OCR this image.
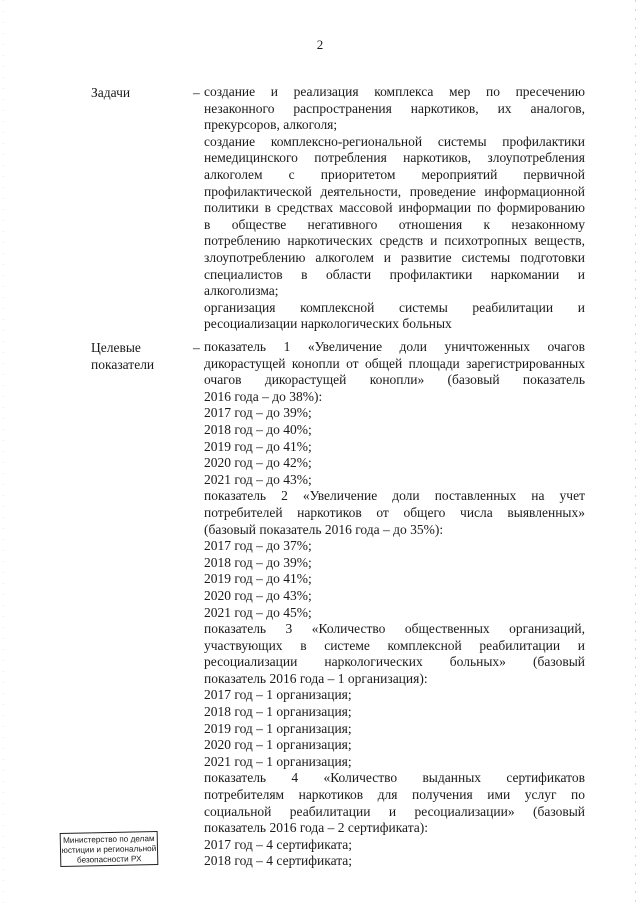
2
Задачи	– создание и реализация комплекса мер по пресечению
незаконного распространения наркотиков, их аналогов,
прекурсоров, алкоголя;
создание комплексно-региональной системы профилактики
немедицинского потребления наркотиков, злоупотребления
алкоголем с приоритетом мероприятий первичной
профилактической деятельности, проведение информационной
политики в средствах массовой информации по формированию
в обществе негативного отношения к незаконному
потреблению наркотических средств и психотропных веществ,
злоупотреблению алкоголем и развитие системы подготовки
специалистов в области профилактики наркомании и
алкоголизма;
организация комплексной системы реабилитации и
ресоциализации наркологических больных
Целевые
показатели
– показатель 1 «Увеличение доли уничтоженных очагов
дикорастущей конопли от общей площади зарегистрированных
очагов дикорастущей конопли» (базовый показатель
2016 года – до 38%):
2017 год – до 39%;
2018 год – до 40%;
2019 год – до 41%;
2020 год – до 42%;
2021 год – до 43%;
показатель 2 «Увеличение доли поставленных на учет
потребителей наркотиков от общего числа выявленных»
(базовый показатель 2016 года – до 35%):
2017 год – до 37%;
2018 год – до 39%;
2019 год – до 41%;
2020 год – до 43%;
2021 год – до 45%;
показатель 3 «Количество общественных организаций,
участвующих в системе комплексной реабилитации и
ресоциализации наркологических больных» (базовый
показатель 2016 года – 1 организация):
2017 год – 1 организация;
2018 год – 1 организация;
2019 год – 1 организация;
2020 год – 1 организация;
2021 год – 1 организация;
показатель 4 «Количество выданных сертификатов
потребителям наркотиков для получения ими услуг по
социальной реабилитации и ресоциализации» (базовый
показатель 2016 года – 2 сертификата):
2017 год – 4 сертификата;
2018 год – 4 сертификата;
Министерство по делам
юстиции и региональной
безопасности РХ
